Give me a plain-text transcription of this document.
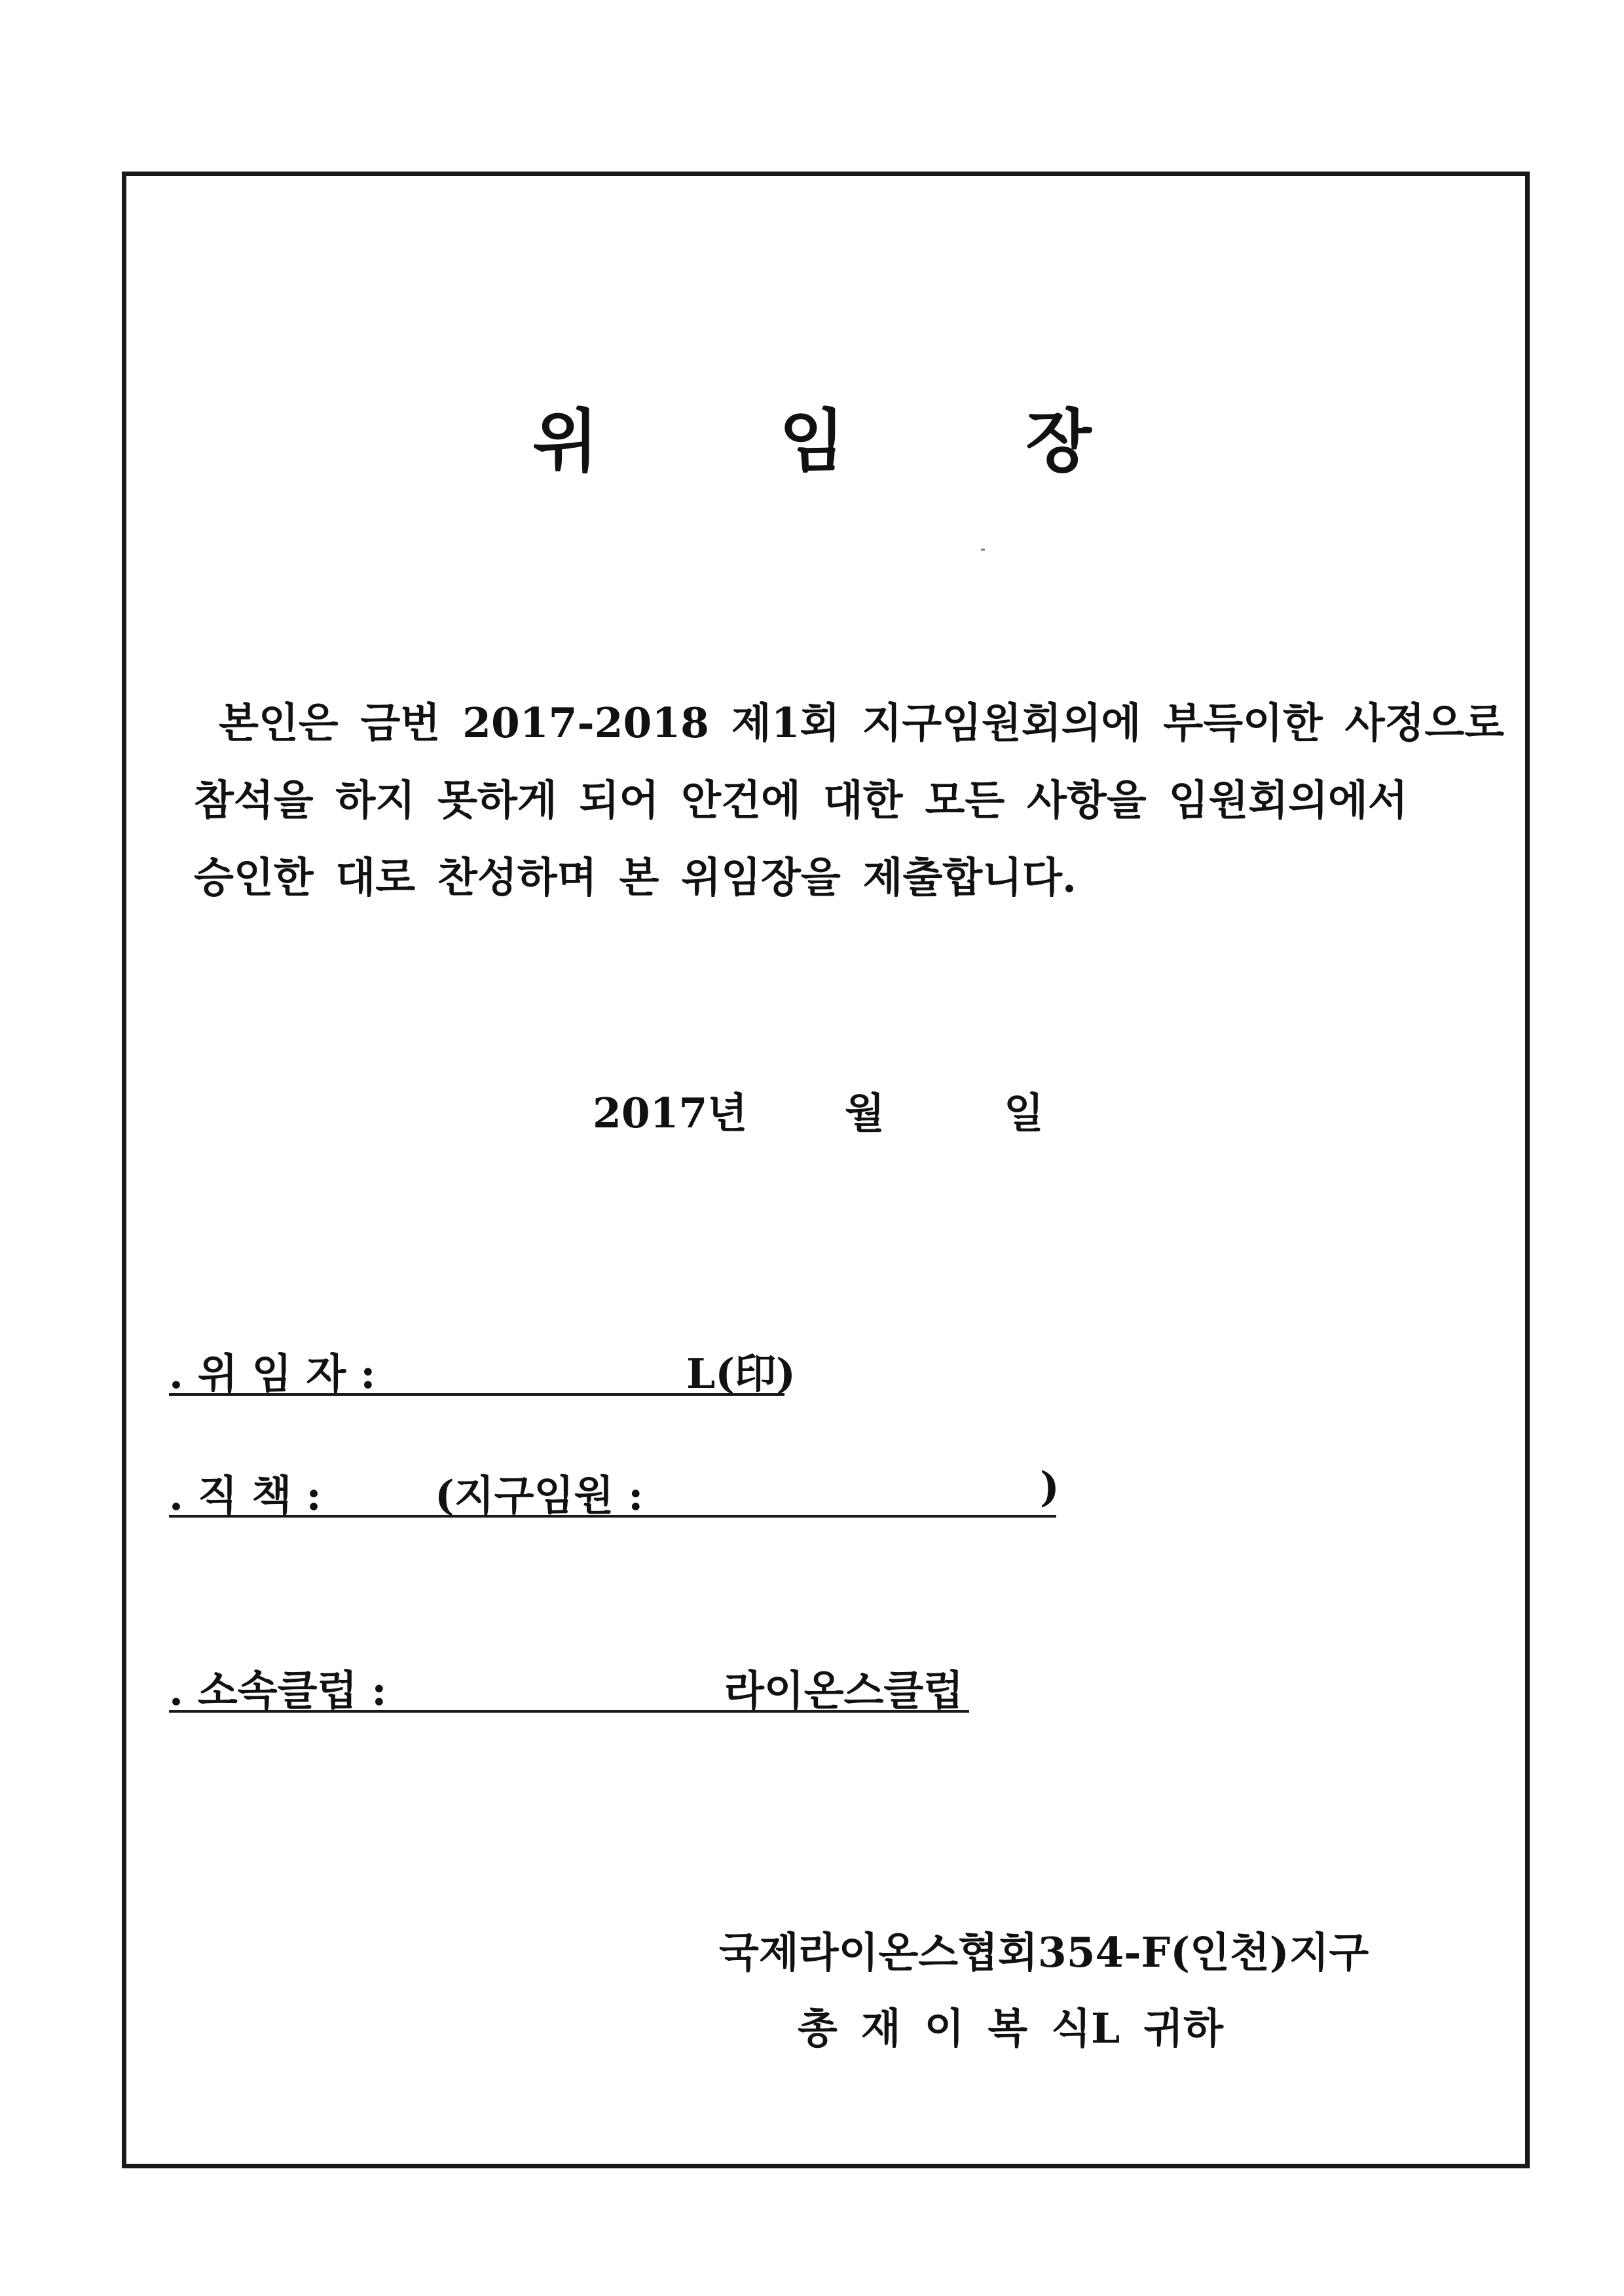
위 임 장
본인은 금번 2017-2018 제1회 지구임원회의에 부득이한 사정으로
참석을 하지 못하게 되어 안건에 대한 모든 사항을 임원회의에서
승인한 대로 찬성하며 본 위임장을 제출합니다.
2017년 월	일
. 위 임 자 :	L(印)
. 직 책 :	(지구임원 :	)
. 소속클럽 :	라이온스클럽
국제라이온스협회354-F(인천)지구
총 재 이 복 식L 귀하
